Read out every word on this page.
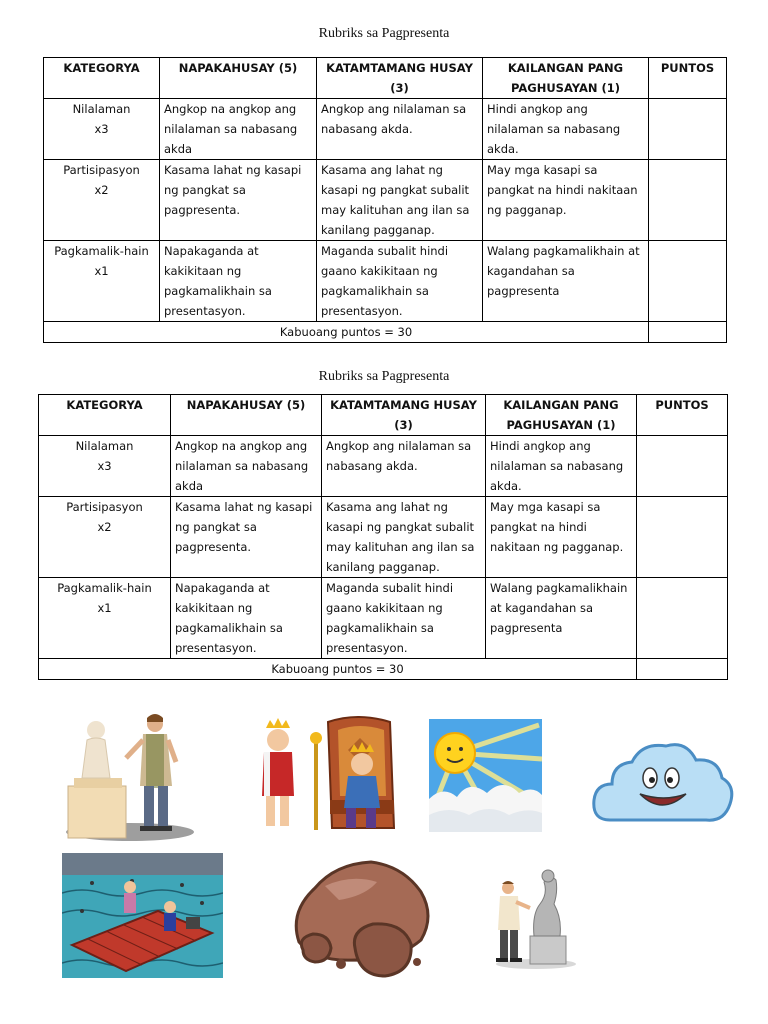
Rubriks sa Pagpresenta
KATEGORYA	NAPAKAHUSAY (5)	KATAMTAMANG HUSAY (3)	KAILANGAN PANG PAGHUSAYAN (1)	PUNTOS

Nilalaman
x3	Angkop na angkop ang nilalaman sa nabasang akda	Angkop ang nilalaman sa nabasang akda.	Hindi angkop ang nilalaman sa nabasang akda.	

Partisipasyon
x2	Kasama lahat ng kasapi ng pangkat sa pagpresenta.	Kasama ang lahat ng kasapi ng pangkat subalit may kalituhan ang ilan sa kanilang pagganap.	May mga kasapi sa pangkat na hindi nakitaan ng pagganap.	

Pagkamalik-hain
x1	Napakaganda at kakikitaan ng pagkamalikhain sa presentasyon.	Maganda subalit hindi gaano kakikitaan ng pagkamalikhain sa presentasyon.	Walang pagkamalikhain at kagandahan sa pagpresenta	
Kabuoang puntos = 30				
Rubriks sa Pagpresenta
KATEGORYA	NAPAKAHUSAY (5)	KATAMTAMANG HUSAY (3)	KAILANGAN PANG PAGHUSAYAN (1)	PUNTOS

Nilalaman
x3	Angkop na angkop ang nilalaman sa nabasang akda	Angkop ang nilalaman sa nabasang akda.	Hindi angkop ang nilalaman sa nabasang akda.	

Partisipasyon
x2	Kasama lahat ng kasapi ng pangkat sa pagpresenta.	Kasama ang lahat ng kasapi ng pangkat subalit may kalituhan ang ilan sa kanilang pagganap.	May mga kasapi sa pangkat na hindi nakitaan ng pagganap.	

Pagkamalik-hain
x1	Napakaganda at kakikitaan ng pagkamalikhain sa presentasyon.	Maganda subalit hindi gaano kakikitaan ng pagkamalikhain sa presentasyon.	Walang pagkamalikhain at kagandahan sa pagpresenta	
Kabuoang puntos = 30				
